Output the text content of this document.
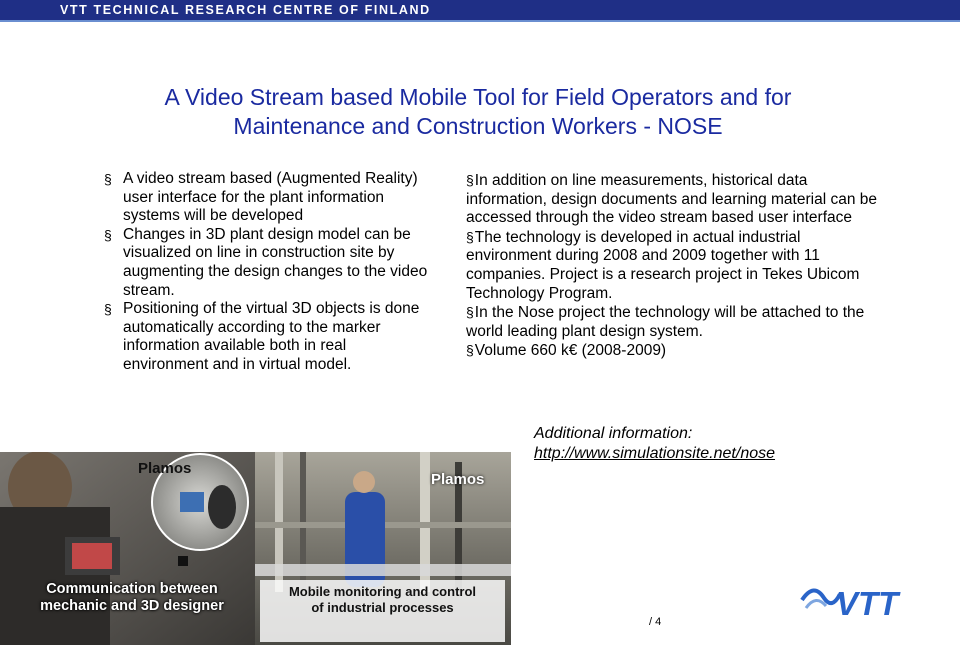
VTT TECHNICAL RESEARCH CENTRE OF FINLAND
A Video Stream based Mobile Tool for Field Operators and for
Maintenance and Construction Workers - NOSE
§ A video stream based (Augmented Reality)
user interface for the plant information
systems will be developed
§ Changes in 3D plant design model can be
visualized on line in construction site by
augmenting the design changes to the video
stream.
§ Positioning of the virtual 3D objects is done
automatically according to the marker
information available both in real
environment and in virtual model.
§In addition on line measurements, historical data
information, design documents and learning material can be
accessed through the video stream based user interface
§The technology is developed in actual industrial
environment during 2008 and 2009 together with 11
companies. Project is a research project in Tekes Ubicom
Technology Program.
§In the Nose project the technology will be attached to the
world leading plant design system.
§Volume 660 k€ (2008-2009)
Additional information:
http://www.simulationsite.net/nose
Plamos
Plamos
Communication between
mechanic and 3D designer
Mobile monitoring and control
of industrial processes	VTT
/ 4
